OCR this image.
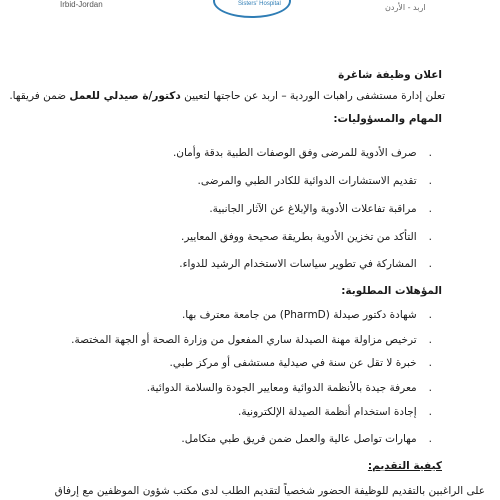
Irbid-Jordan	Sisters' Hospital	اربد - الأردن
اعلان وظيفة شاغرة
تعلن إدارة مستشفى راهبات الوردية – اربد عن حاجتها لتعيين دكتور/ة صيدلي للعمل ضمن فريقها.
المهام والمسؤوليات:
.صرف الأدوية للمرضى وفق الوصفات الطبية بدقة وأمان.
.تقديم الاستشارات الدوائية للكادر الطبي والمرضى.
.مراقبة تفاعلات الأدوية والإبلاغ عن الآثار الجانبية.
.التأكد من تخزين الأدوية بطريقة صحيحة ووفق المعايير.
.المشاركة في تطوير سياسات الاستخدام الرشيد للدواء.
المؤهلات المطلوبة:
.شهادة دكتور صيدلة (PharmD) من جامعة معترف بها.
.ترخيص مزاولة مهنة الصيدلة ساري المفعول من وزارة الصحة أو الجهة المختصة.
.خبرة لا تقل عن سنة في صيدلية مستشفى أو مركز طبي.
.معرفة جيدة بالأنظمة الدوائية ومعايير الجودة والسلامة الدوائية.
.إجادة استخدام أنظمة الصيدلة الإلكترونية.
.مهارات تواصل عالية والعمل ضمن فريق طبي متكامل.
كيفية التقديم:
على الراغبين بالتقديم للوظيفة الحضور شخصياً لتقديم الطلب لدى مكتب شؤون الموظفين مع إرفاق
